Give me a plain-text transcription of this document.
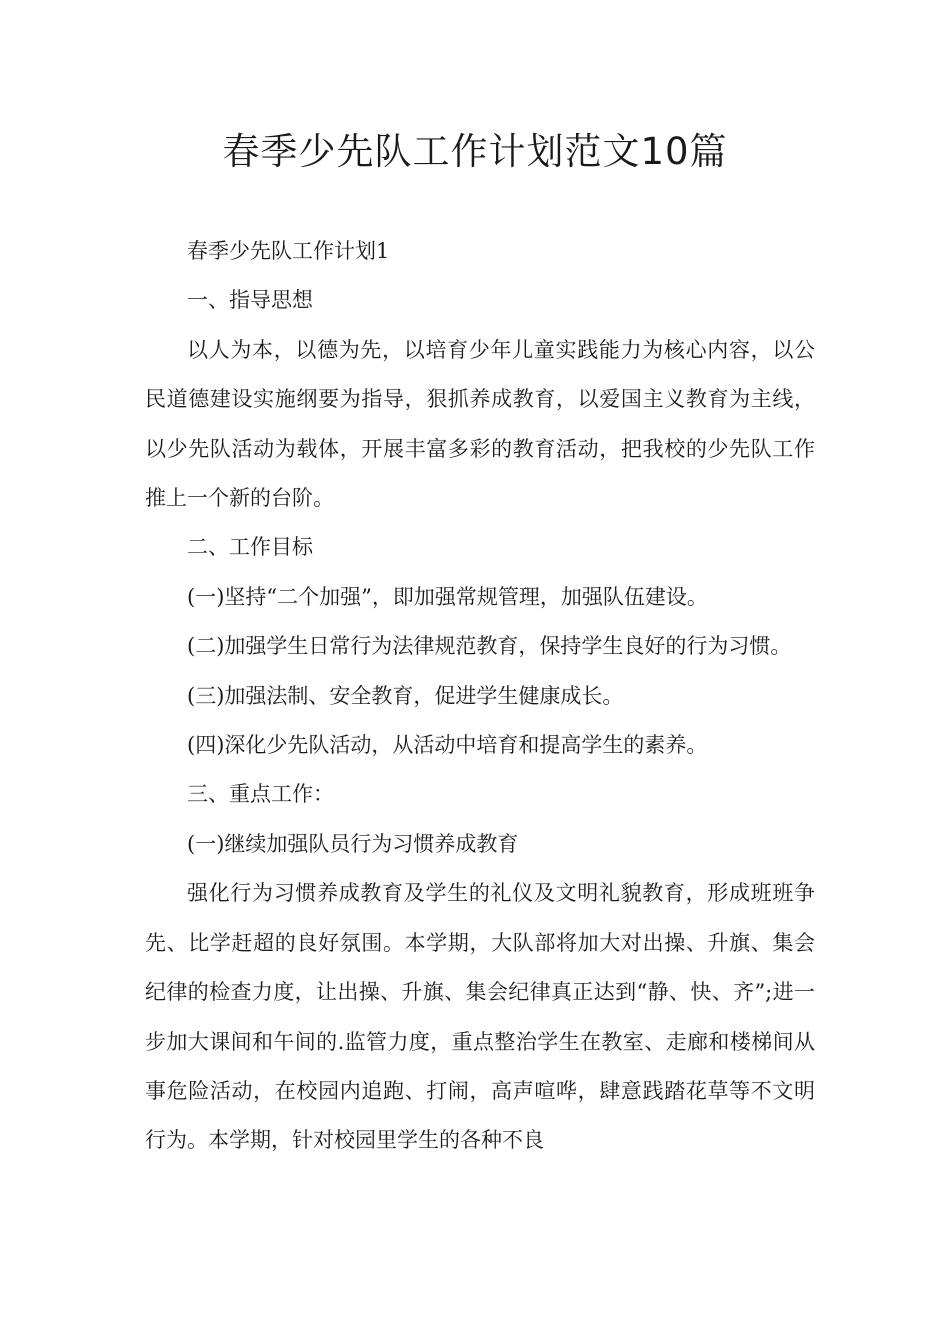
春季少先队工作计划范文10篇

春季少先队工作计划1

一、指导思想

以人为本，以德为先，以培育少年儿童实践能力为核心内容，以公民道德建设实施纲要为指导，狠抓养成教育，以爱国主义教育为主线，以少先队活动为载体，开展丰富多彩的教育活动，把我校的少先队工作推上一个新的台阶。

二、工作目标

(一)坚持“二个加强”，即加强常规管理，加强队伍建设。

(二)加强学生日常行为法律规范教育，保持学生良好的行为习惯。

(三)加强法制、安全教育，促进学生健康成长。

(四)深化少先队活动，从活动中培育和提高学生的素养。

三、重点工作：

(一)继续加强队员行为习惯养成教育

强化行为习惯养成教育及学生的礼仪及文明礼貌教育，形成班班争先、比学赶超的良好氛围。本学期，大队部将加大对出操、升旗、集会纪律的检查力度，让出操、升旗、集会纪律真正达到“静、快、齐”;进一步加大课间和午间的.监管力度，重点整治学生在教室、走廊和楼梯间从事危险活动，在校园内追跑、打闹，高声喧哗，肆意践踏花草等不文明行为。本学期，针对校园里学生的各种不良
